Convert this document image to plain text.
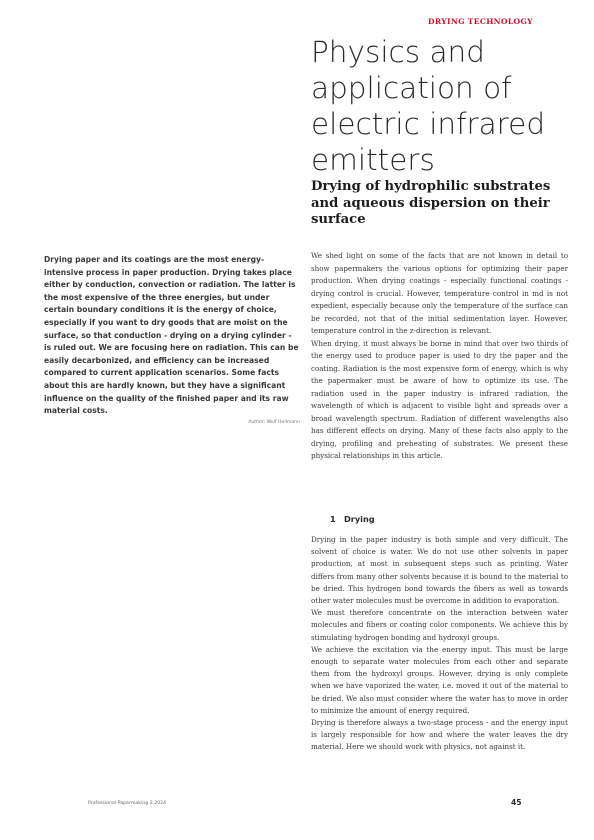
DRYING TECHNOLOGY
Physics and application of electric infrared emitters
Drying of hydrophilic substrates and aqueous dispersion on their surface

Drying paper and its coatings are the most energy-intensive process in paper production. Drying takes place either by conduction, convection or radiation. The latter is the most expensive of the three energies, but under certain boundary conditions it is the energy of choice, especially if you want to dry goods that are moist on the surface, so that conduction - drying on a drying cylinder - is ruled out. We are focusing here on radiation. This can be easily decarbonized, and efficiency can be increased compared to current application scenarios. Some facts about this are hardly known, but they have a significant influence on the quality of the finished paper and its raw material costs.

Author: Wolf Hellmann

We shed light on some of the facts that are not known in detail to show papermakers the various options for optimizing their paper production. When drying coatings - especially functional coatings - drying control is crucial. However, temperature control in md is not expedient, especially because only the temperature of the surface can be recorded, not that of the initial sedimentation layer. However, temperature control in the z-direction is relevant.

When drying, it must always be borne in mind that over two thirds of the energy used to produce paper is used to dry the paper and the coating. Radiation is the most expensive form of energy, which is why the papermaker must be aware of how to optimize its use. The radiation used in the paper industry is infrared radiation, the wavelength of which is adjacent to visible light and spreads over a broad wavelength spectrum. Radiation of different wavelengths also has different effects on drying. Many of these facts also apply to the drying, profiling and preheating of substrates. We present these physical relationships in this article.

1 Drying

Drying in the paper industry is both simple and very difficult. The solvent of choice is water. We do not use other solvents in paper production, at most in subsequent steps such as printing. Water differs from many other solvents because it is bound to the material to be dried. This hydrogen bond towards the fibers as well as towards other water molecules must be overcome in addition to evaporation.

We must therefore concentrate on the interaction between water molecules and fibers or coating color components. We achieve this by stimulating hydrogen bonding and hydroxyl groups.

We achieve the excitation via the energy input. This must be large enough to separate water molecules from each other and separate them from the hydroxyl groups. However, drying is only complete when we have vaporized the water, i.e. moved it out of the material to be dried. We also must consider where the water has to move in order to minimize the amount of energy required.

Drying is therefore always a two-stage process - and the energy input is largely responsible for how and where the water leaves the dry material. Here we should work with physics, not against it.

Professional Papermaking 2.2024	45
